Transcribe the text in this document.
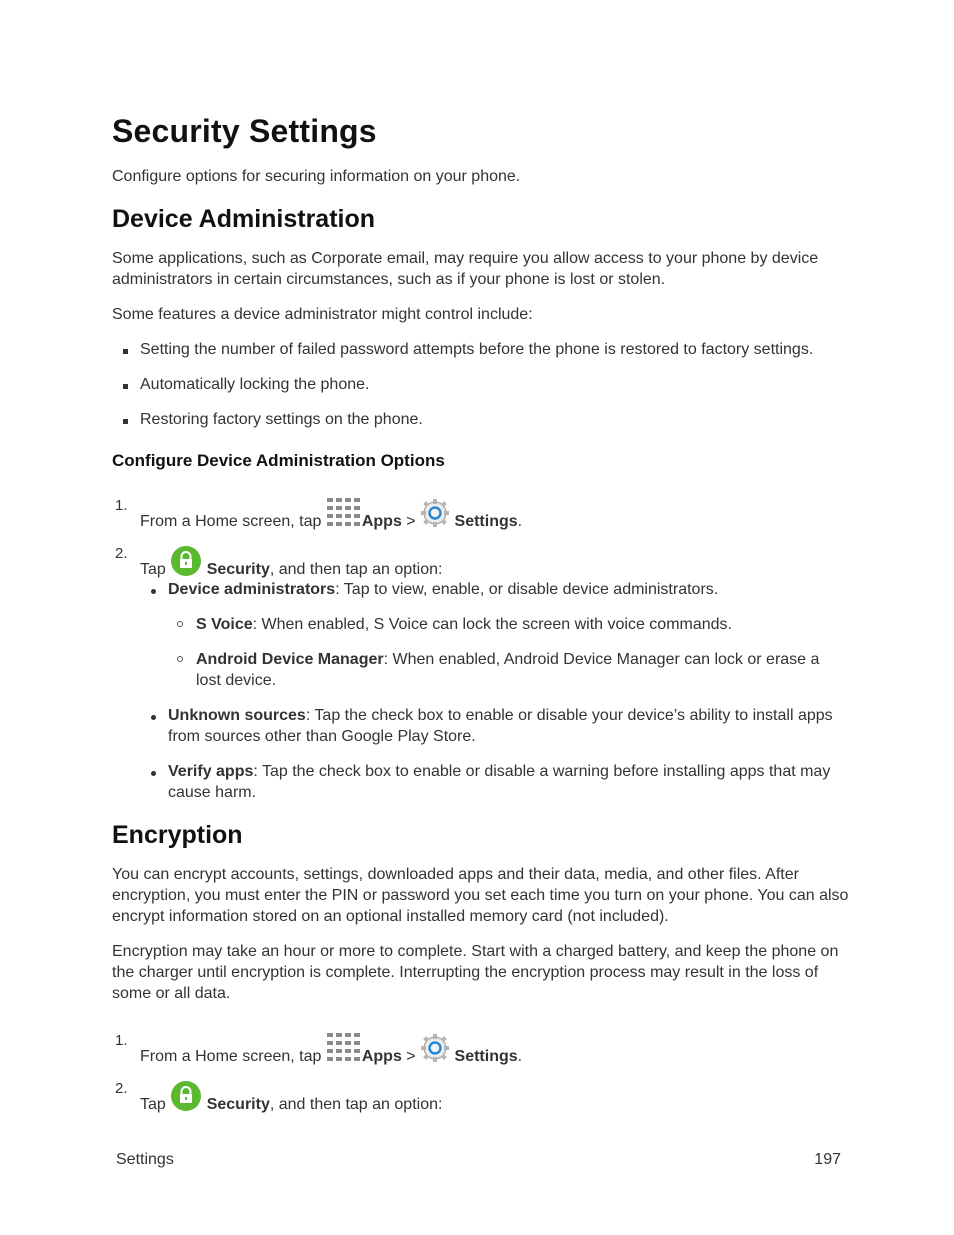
Security Settings
Configure options for securing information on your phone.
Device Administration
Some applications, such as Corporate email, may require you allow access to your phone by device administrators in certain circumstances, such as if your phone is lost or stolen.
Some features a device administrator might control include:
Setting the number of failed password attempts before the phone is restored to factory settings.
Automatically locking the phone.
Restoring factory settings on the phone.
Configure Device Administration Options
1.
From a Home screen, tap Apps >  Settings.
2.
Tap  Security, and then tap an option:
Device administrators: Tap to view, enable, or disable device administrators.
S Voice: When enabled, S Voice can lock the screen with voice commands.
Android Device Manager: When enabled, Android Device Manager can lock or erase a lost device.
Unknown sources: Tap the check box to enable or disable your device’s ability to install apps from sources other than Google Play Store.
Verify apps: Tap the check box to enable or disable a warning before installing apps that may cause harm.
Encryption
You can encrypt accounts, settings, downloaded apps and their data, media, and other files. After encryption, you must enter the PIN or password you set each time you turn on your phone. You can also encrypt information stored on an optional installed memory card (not included).
Encryption may take an hour or more to complete. Start with a charged battery, and keep the phone on the charger until encryption is complete. Interrupting the encryption process may result in the loss of some or all data.
1.
From a Home screen, tap Apps >  Settings.
2.
Tap  Security, and then tap an option:
Settings	197
